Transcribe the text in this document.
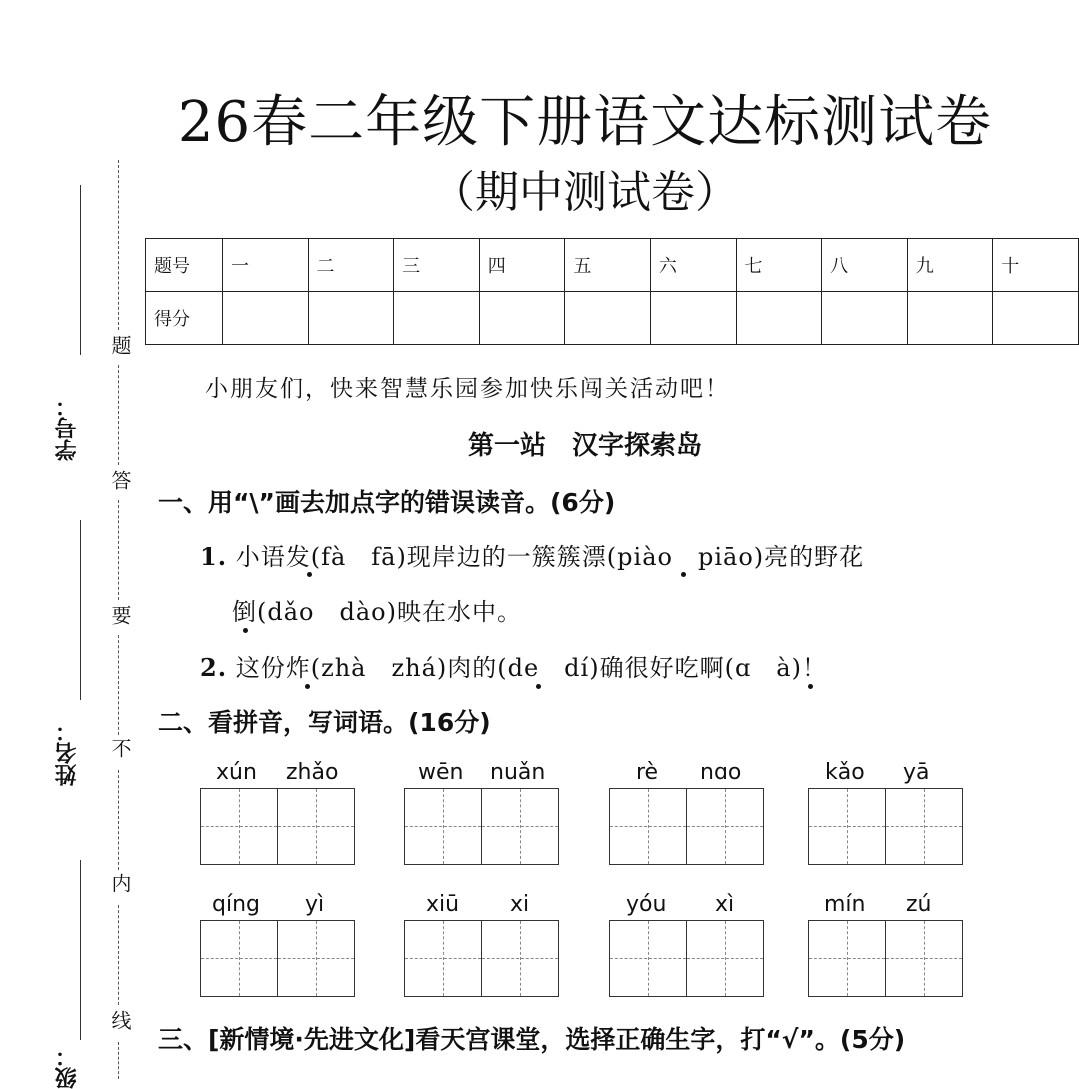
26春二年级下册语文达标测试卷
（期中测试卷）
题号	一	二	三	四	五	六	七	八	九	十
得分										
学号：
姓名：
级：
题
答
要
不
内
线
小朋友们，快来智慧乐园参加快乐闯关活动吧！
第一站　汉字探索岛
一、用“\”画去加点字的错误读音。(6分)
1. 小语发(fà　fā)现岸边的一簇簇漂(piào　piāo)亮的野花
倒(dǎo　dào)映在水中。
2. 这份炸(zhà　zhá)肉的(de　dí)确很好吃啊(ɑ　à)！
二、看拼音，写词语。(16分)
xún zhǎo	wēn nuǎn	rè nɑo	kǎo yā
qíng yì	xiū xi	yóu xì	mín zú
三、[新情境·先进文化]看天宫课堂，选择正确生字，打“√”。(5分)
